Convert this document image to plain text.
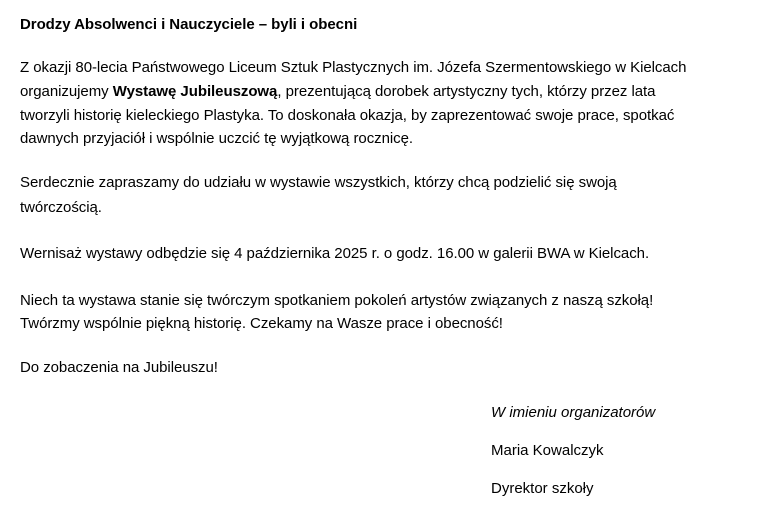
Drodzy Absolwenci i Nauczyciele – byli i obecni
Z okazji 80-lecia Państwowego Liceum Sztuk Plastycznych im. Józefa Szermentowskiego w Kielcach
organizujemy Wystawę Jubileuszową, prezentującą dorobek artystyczny tych, którzy przez lata
tworzyli historię kieleckiego Plastyka. To doskonała okazja, by zaprezentować swoje prace, spotkać
dawnych przyjaciół i wspólnie uczcić tę wyjątkową rocznicę.
Serdecznie zapraszamy do udziału w wystawie wszystkich, którzy chcą podzielić się swoją
twórczością.
Wernisaż wystawy odbędzie się 4 października 2025 r. o godz. 16.00 w galerii BWA w Kielcach.
Niech ta wystawa stanie się twórczym spotkaniem pokoleń artystów związanych z naszą szkołą!
Twórzmy wspólnie piękną historię. Czekamy na Wasze prace i obecność!
Do zobaczenia na Jubileuszu!
W imieniu organizatorów
Maria Kowalczyk
Dyrektor szkoły
